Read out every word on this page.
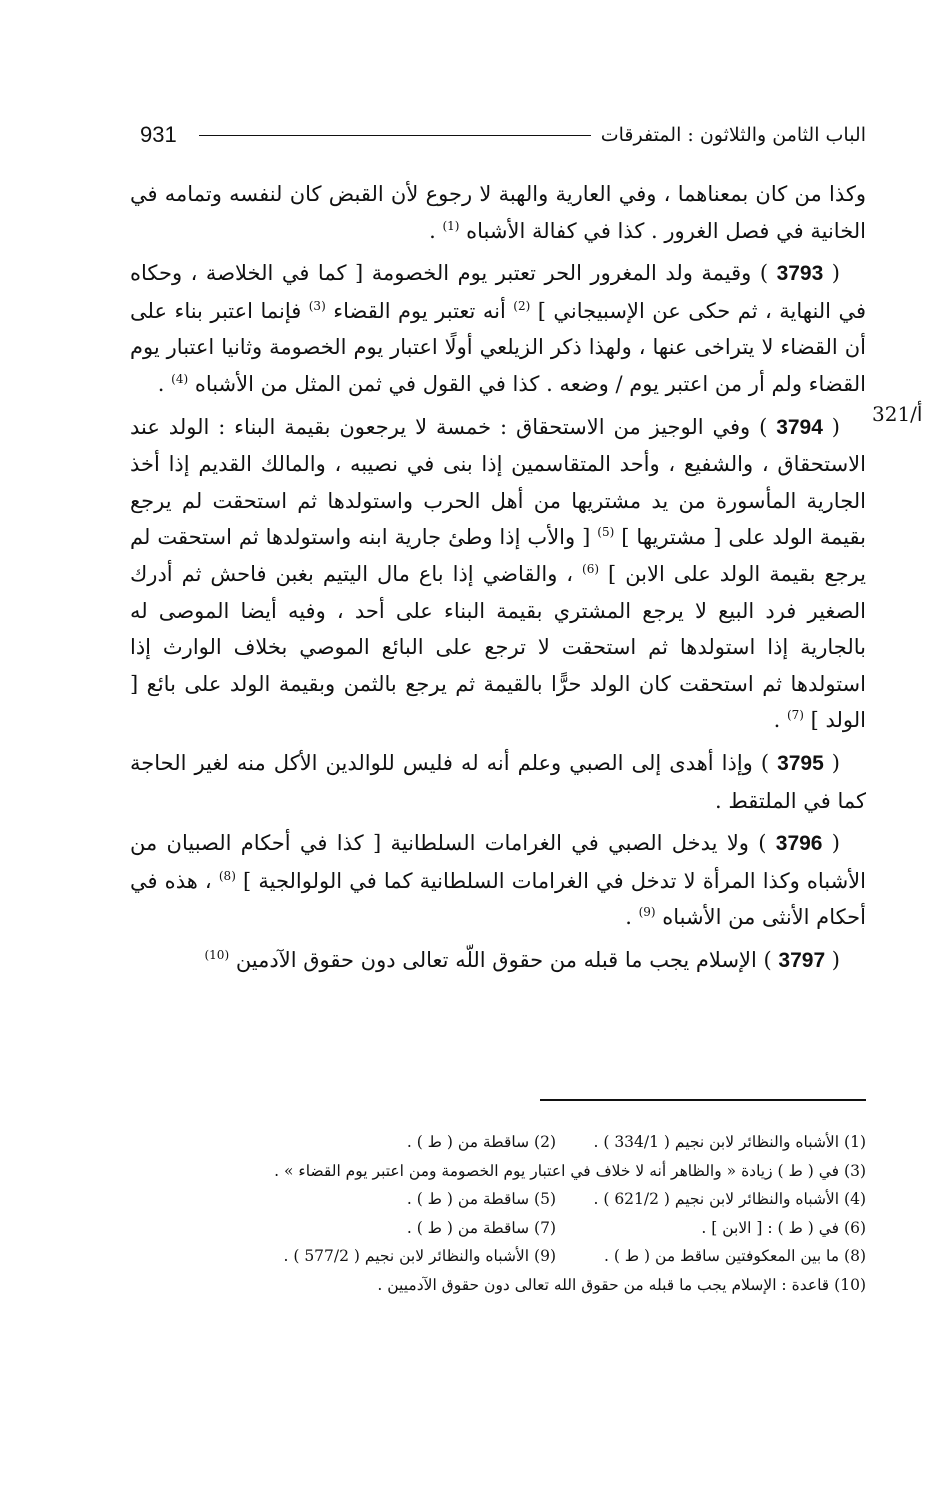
931	الباب الثامن والثلاثون : المتفرقات
321/أ

وكذا من كان بمعناهما ، وفي العارية والهبة لا رجوع لأن القبض كان لنفسه وتمامه في الخانية في فصل الغرور . كذا في كفالة الأشباه $^{(1)}$ .

( 3793 ) وقيمة ولد المغرور الحر تعتبر يوم الخصومة [ كما في الخلاصة ، وحكاه في النهاية ، ثم حكى عن الإسبيجاني ] $^{(2)}$ أنه تعتبر يوم القضاء $^{(3)}$ فإنما اعتبر بناء على أن القضاء لا يتراخى عنها ، ولهذا ذكر الزيلعي أولًا اعتبار يوم الخصومة وثانيا اعتبار يوم القضاء ولم أر من اعتبر يوم / وضعه . كذا في القول في ثمن المثل من الأشباه $^{(4)}$ .

( 3794 ) وفي الوجيز من الاستحقاق : خمسة لا يرجعون بقيمة البناء : الولد عند الاستحقاق ، والشفيع ، وأحد المتقاسمين إذا بنى في نصيبه ، والمالك القديم إذا أخذ الجارية المأسورة من يد مشتريها من أهل الحرب واستولدها ثم استحقت لم يرجع بقيمة الولد على [ مشتريها ] $^{(5)}$ [ والأب إذا وطئ جارية ابنه واستولدها ثم استحقت لم يرجع بقيمة الولد على الابن ] $^{(6)}$ ، والقاضي إذا باع مال اليتيم بغبن فاحش ثم أدرك الصغير فرد البيع لا يرجع المشتري بقيمة البناء على أحد ، وفيه أيضا الموصى له بالجارية إذا استولدها ثم استحقت لا ترجع على البائع الموصي بخلاف الوارث إذا استولدها ثم استحقت كان الولد حرًّا بالقيمة ثم يرجع بالثمن وبقيمة الولد على بائع [ الولد ] $^{(7)}$ .

( 3795 ) وإذا أهدى إلى الصبي وعلم أنه له فليس للوالدين الأكل منه لغير الحاجة كما في الملتقط .

( 3796 ) ولا يدخل الصبي في الغرامات السلطانية [ كذا في أحكام الصبيان من الأشباه وكذا المرأة لا تدخل في الغرامات السلطانية كما في الولوالجية ] $^{(8)}$ ، هذه في أحكام الأنثى من الأشباه $^{(9)}$ .

( 3797 ) الإسلام يجب ما قبله من حقوق اللّه تعالى دون حقوق الآدمين $^{(10)}$

(1) الأشباه والنظائر لابن نجيم ( 334/1 ) .
(2) ساقطة من ( ط ) .
(3) في ( ط ) زيادة « والظاهر أنه لا خلاف في اعتبار يوم الخصومة ومن اعتبر يوم القضاء » .
(4) الأشباه والنظائر لابن نجيم ( 621/2 ) .
(5) ساقطة من ( ط ) .
(6) في ( ط ) : [ الابن ] .
(7) ساقطة من ( ط ) .
(8) ما بين المعكوفتين ساقط من ( ط ) .
(9) الأشباه والنظائر لابن نجيم ( 577/2 ) .
(10) قاعدة : الإسلام يجب ما قبله من حقوق الله تعالى دون حقوق الآدميين .
